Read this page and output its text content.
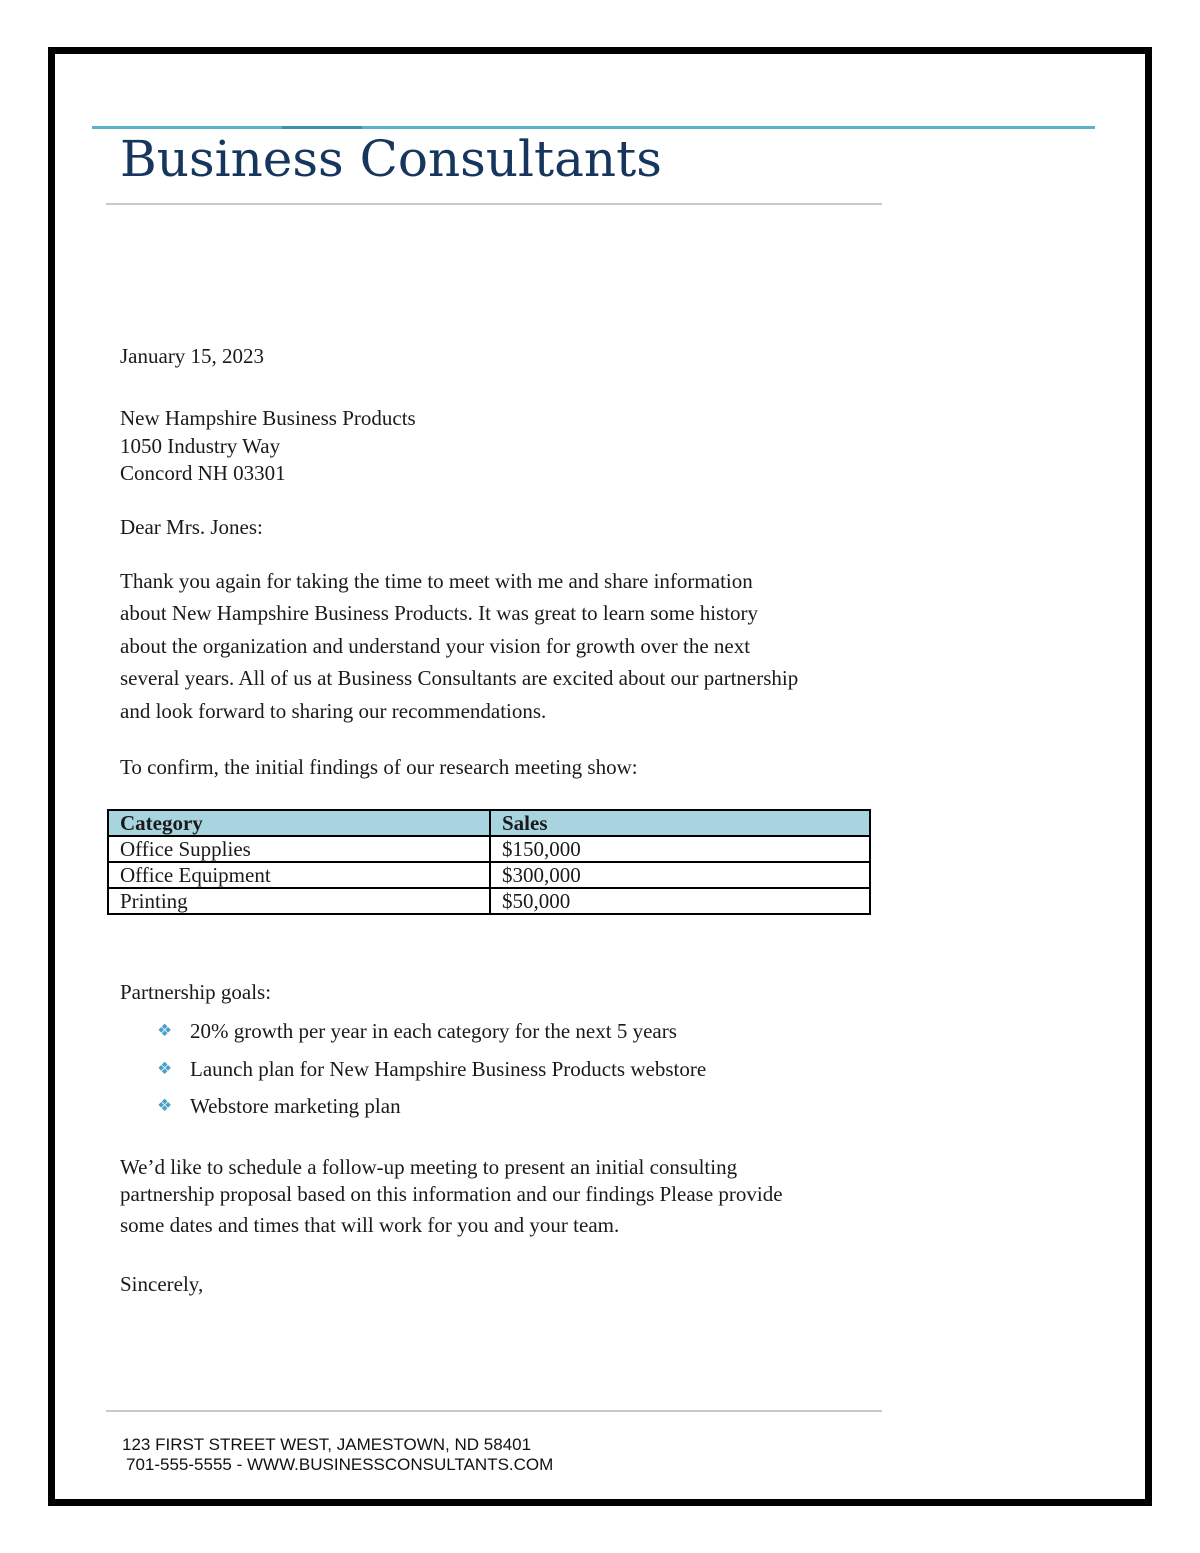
Business Consultants

January 15, 2023

New Hampshire Business Products

1050 Industry Way

Concord NH 03301

Dear Mrs. Jones:

Thank you again for taking the time to meet with me and share information

about New Hampshire Business Products. It was great to learn some history

about the organization and understand your vision for growth over the next

several years. All of us at Business Consultants are excited about our partnership

and look forward to sharing our recommendations.

To confirm, the initial findings of our research meeting show:

Category	Sales
Office Supplies	$150,000
Office Equipment	$300,000
Printing	$50,000

Partnership goals:

❖ 20% growth per year in each category for the next 5 years
❖ Launch plan for New Hampshire Business Products webstore
❖ Webstore marketing plan

We’d like to schedule a follow-up meeting to present an initial consulting

partnership proposal based on this information and our findings Please provide

some dates and times that will work for you and your team.

Sincerely,

123 FIRST STREET WEST, JAMESTOWN, ND 58401
701-555-5555 - WWW.BUSINESSCONSULTANTS.COM
